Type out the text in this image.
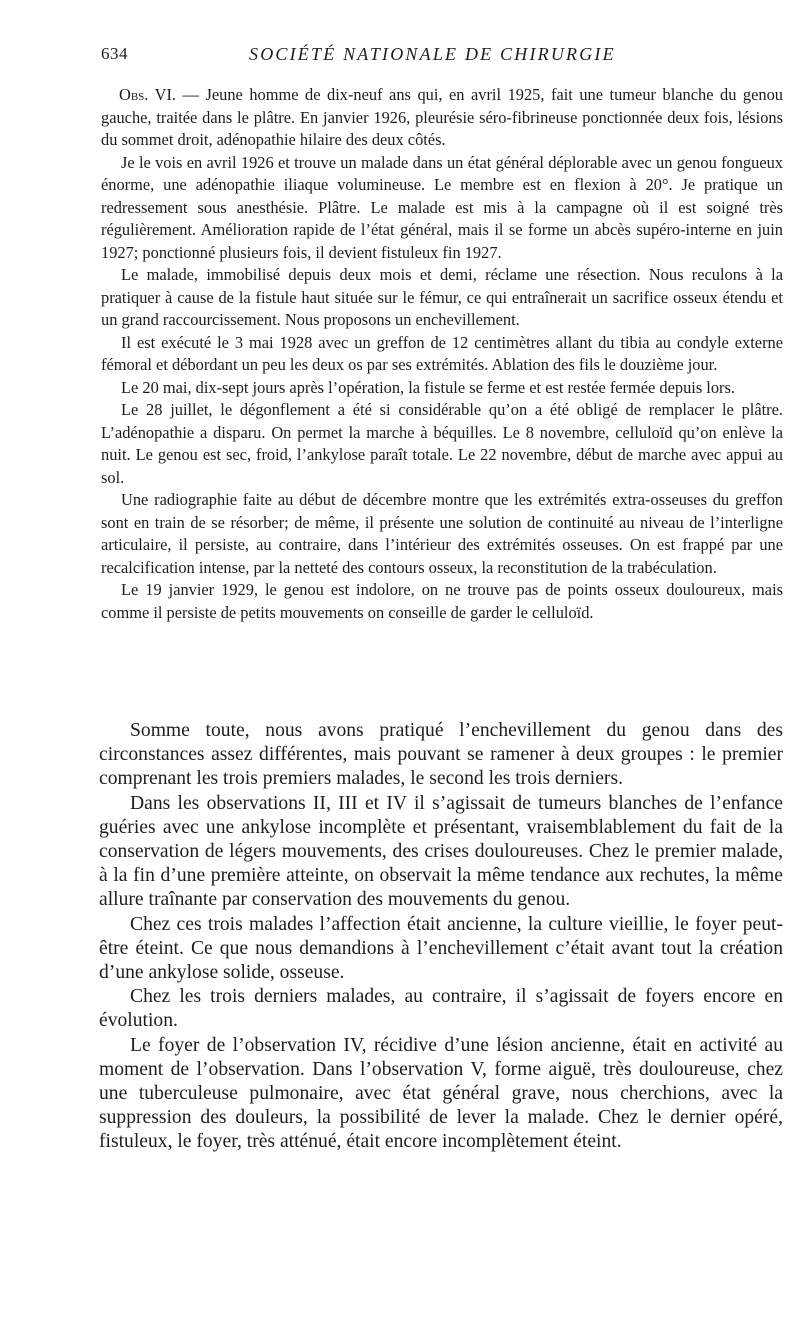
634	SOCIÉTÉ NATIONALE DE CHIRURGIE

Obs. VI. — Jeune homme de dix-neuf ans qui, en avril 1925, fait une tumeur blanche du genou gauche, traitée dans le plâtre. En janvier 1926, pleurésie séro-fibrineuse ponctionnée deux fois, lésions du sommet droit, adénopathie hilaire des deux côtés.

Je le vois en avril 1926 et trouve un malade dans un état général déplorable avec un genou fongueux énorme, une adénopathie iliaque volumineuse. Le membre est en flexion à 20°. Je pratique un redressement sous anesthésie. Plâtre. Le malade est mis à la campagne où il est soigné très régulièrement. Amélioration rapide de l’état général, mais il se forme un abcès supéro-interne en juin 1927; ponctionné plusieurs fois, il devient fistuleux fin 1927.

Le malade, immobilisé depuis deux mois et demi, réclame une résection. Nous reculons à la pratiquer à cause de la fistule haut située sur le fémur, ce qui entraînerait un sacrifice osseux étendu et un grand raccourcissement. Nous proposons un enchevillement.

Il est exécuté le 3 mai 1928 avec un greffon de 12 centimètres allant du tibia au condyle externe fémoral et débordant un peu les deux os par ses extrémités. Ablation des fils le douzième jour.

Le 20 mai, dix-sept jours après l’opération, la fistule se ferme et est restée fermée depuis lors.

Le 28 juillet, le dégonflement a été si considérable qu’on a été obligé de remplacer le plâtre. L’adénopathie a disparu. On permet la marche à béquilles. Le 8 novembre, celluloïd qu’on enlève la nuit. Le genou est sec, froid, l’ankylose paraît totale. Le 22 novembre, début de marche avec appui au sol.

Une radiographie faite au début de décembre montre que les extrémités extra-osseuses du greffon sont en train de se résorber; de même, il présente une solution de continuité au niveau de l’interligne articulaire, il persiste, au contraire, dans l’intérieur des extrémités osseuses. On est frappé par une recalcification intense, par la netteté des contours osseux, la reconstitution de la trabéculation.

Le 19 janvier 1929, le genou est indolore, on ne trouve pas de points osseux douloureux, mais comme il persiste de petits mouvements on conseille de garder le celluloïd.

Somme toute, nous avons pratiqué l’enchevillement du genou dans des circonstances assez différentes, mais pouvant se ramener à deux groupes : le premier comprenant les trois premiers malades, le second les trois derniers.

Dans les observations II, III et IV il s’agissait de tumeurs blanches de l’enfance guéries avec une ankylose incomplète et présentant, vraisemblablement du fait de la conservation de légers mouvements, des crises douloureuses. Chez le premier malade, à la fin d’une première atteinte, on observait la même tendance aux rechutes, la même allure traînante par conservation des mouvements du genou.

Chez ces trois malades l’affection était ancienne, la culture vieillie, le foyer peut-être éteint. Ce que nous demandions à l’enchevillement c’était avant tout la création d’une ankylose solide, osseuse.

Chez les trois derniers malades, au contraire, il s’agissait de foyers encore en évolution.

Le foyer de l’observation IV, récidive d’une lésion ancienne, était en activité au moment de l’observation. Dans l’observation V, forme aiguë, très douloureuse, chez une tuberculeuse pulmonaire, avec état général grave, nous cherchions, avec la suppression des douleurs, la possibilité de lever la malade. Chez le dernier opéré, fistuleux, le foyer, très atténué, était encore incomplètement éteint.
